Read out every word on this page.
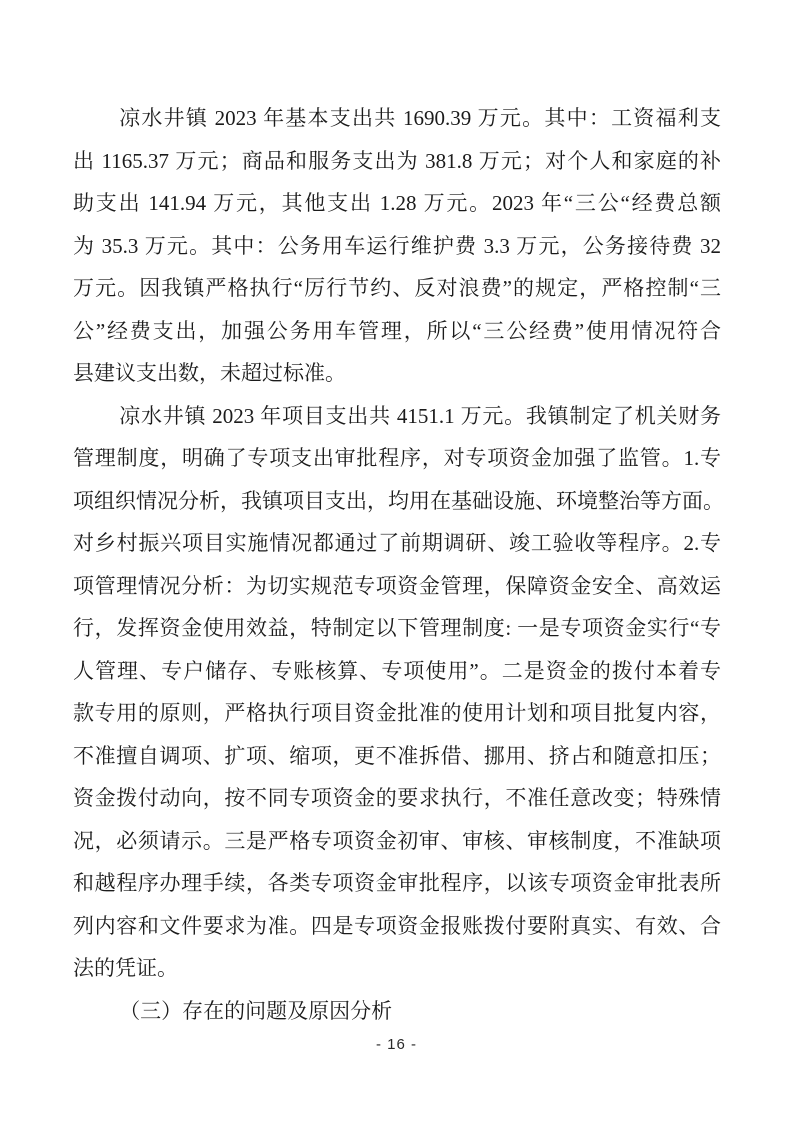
凉水井镇 2023 年基本支出共 1690.39 万元。其中：工资福利支
出 1165.37 万元；商品和服务支出为 381.8 万元；对个人和家庭的补
助支出 141.94 万元，其他支出 1.28 万元。2023 年“三公“经费总额
为 35.3 万元。其中：公务用车运行维护费 3.3 万元，公务接待费 32
万元。因我镇严格执行“厉行节约、反对浪费”的规定，严格控制“三
公”经费支出，加强公务用车管理，所以“三公经费”使用情况符合
县建议支出数，未超过标准。
凉水井镇 2023 年项目支出共 4151.1 万元。我镇制定了机关财务
管理制度，明确了专项支出审批程序，对专项资金加强了监管。1.专
项组织情况分析，我镇项目支出，均用在基础设施、环境整治等方面。
对乡村振兴项目实施情况都通过了前期调研、竣工验收等程序。2.专
项管理情况分析：为切实规范专项资金管理，保障资金安全、高效运
行，发挥资金使用效益，特制定以下管理制度: 一是专项资金实行“专
人管理、专户储存、专账核算、专项使用”。二是资金的拨付本着专
款专用的原则，严格执行项目资金批准的使用计划和项目批复内容，
不准擅自调项、扩项、缩项，更不准拆借、挪用、挤占和随意扣压；
资金拨付动向，按不同专项资金的要求执行，不准任意改变；特殊情
况，必须请示。三是严格专项资金初审、审核、审核制度，不准缺项
和越程序办理手续，各类专项资金审批程序，以该专项资金审批表所
列内容和文件要求为准。四是专项资金报账拨付要附真实、有效、合
法的凭证。
（三）存在的问题及原因分析
- 16 -
